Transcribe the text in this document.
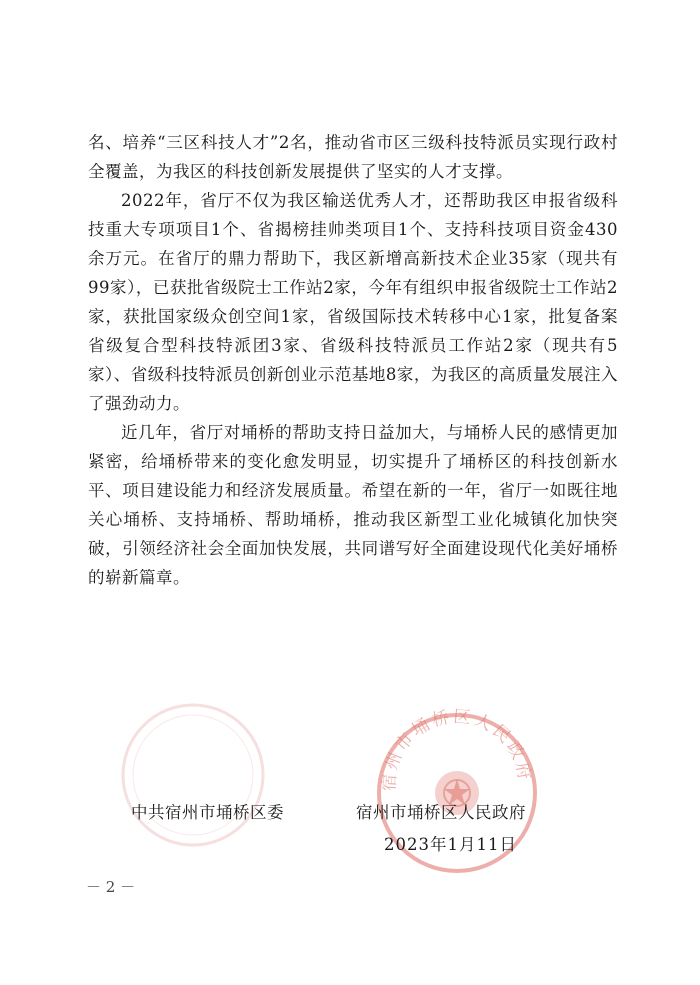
名、培养“三区科技人才”2名，推动省市区三级科技特派员实现行政村全覆盖，为我区的科技创新发展提供了坚实的人才支撑。

2022年，省厅不仅为我区输送优秀人才，还帮助我区申报省级科技重大专项项目1个、省揭榜挂帅类项目1个、支持科技项目资金430余万元。在省厅的鼎力帮助下，我区新增高新技术企业35家（现共有99家），已获批省级院士工作站2家，今年有组织申报省级院士工作站2家，获批国家级众创空间1家，省级国际技术转移中心1家，批复备案省级复合型科技特派团3家、省级科技特派员工作站2家（现共有5家）、省级科技特派员创新创业示范基地8家，为我区的高质量发展注入了强劲动力。

近几年，省厅对埇桥的帮助支持日益加大，与埇桥人民的感情更加紧密，给埇桥带来的变化愈发明显，切实提升了埇桥区的科技创新水平、项目建设能力和经济发展质量。希望在新的一年，省厅一如既往地关心埇桥、支持埇桥、帮助埇桥，推动我区新型工业化城镇化加快突破，引领经济社会全面加快发展，共同谱写好全面建设现代化美好埇桥的崭新篇章。

宿州市埇桥区人民政府
中共宿州市埇桥区委	宿州市埇桥区人民政府
2023年1月11日
－ 2 －
